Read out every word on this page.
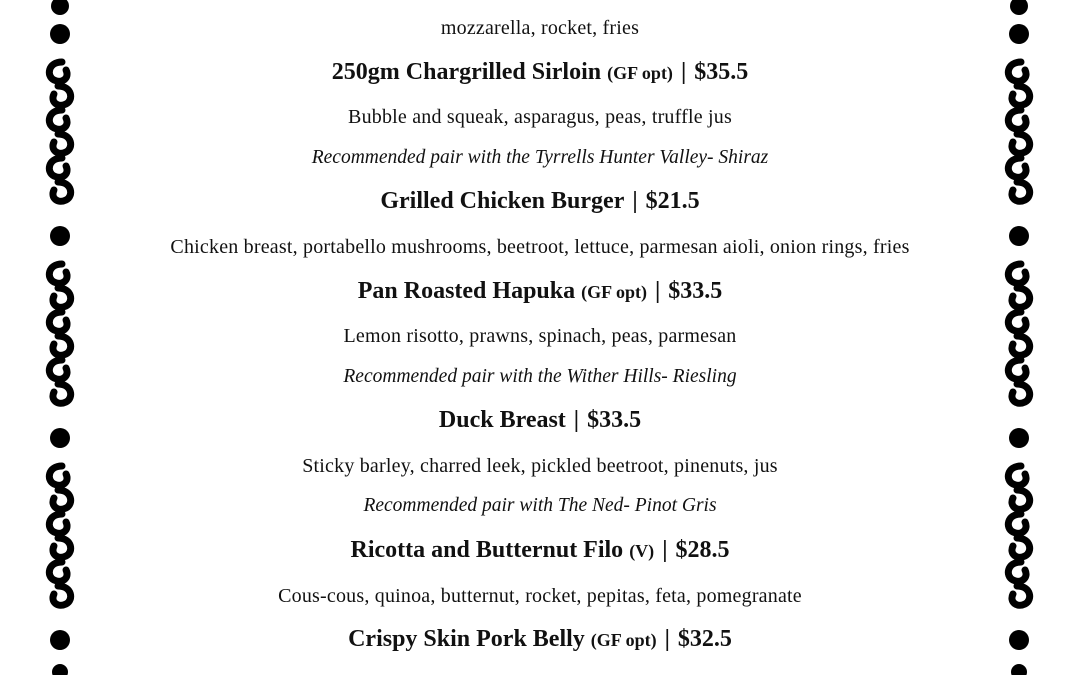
mozzarella, rocket, fries
250gm Chargrilled Sirloin (GF opt) | $35.5
Bubble and squeak, asparagus, peas, truffle jus
Recommended pair with the Tyrrells Hunter Valley- Shiraz
Grilled Chicken Burger | $21.5
Chicken breast, portabello mushrooms, beetroot, lettuce, parmesan aioli, onion rings, fries
Pan Roasted Hapuka (GF opt) | $33.5
Lemon risotto, prawns, spinach, peas, parmesan
Recommended pair with the Wither Hills- Riesling
Duck Breast | $33.5
Sticky barley, charred leek, pickled beetroot, pinenuts, jus
Recommended pair with The Ned- Pinot Gris
Ricotta and Butternut Filo (V) | $28.5
Cous-cous, quinoa, butternut, rocket, pepitas, feta, pomegranate
Crispy Skin Pork Belly (GF opt) | $32.5
